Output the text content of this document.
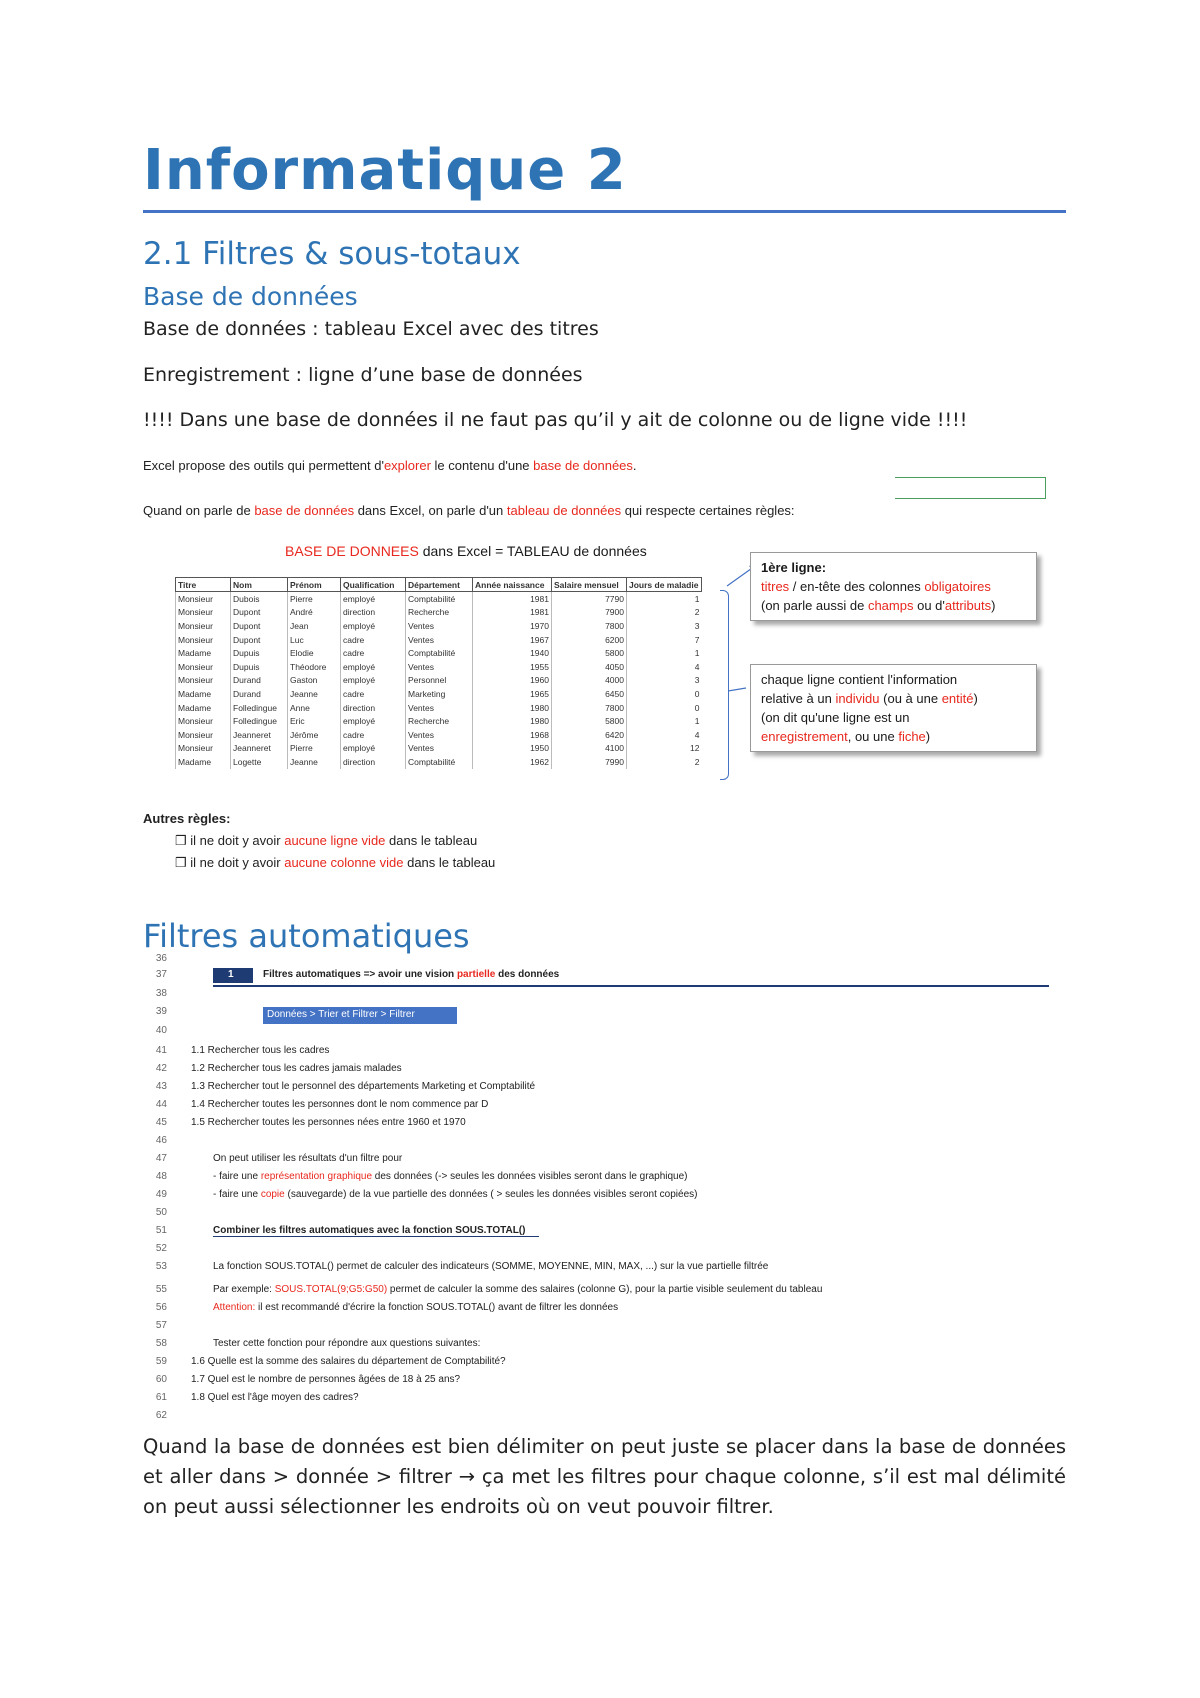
Informatique 2
2.1 Filtres & sous-totaux
Base de données
Base de données : tableau Excel avec des titres
Enregistrement : ligne d’une base de données
!!!! Dans une base de données il ne faut pas qu’il y ait de colonne ou de ligne vide !!!!
Excel propose des outils qui permettent d'explorer le contenu d'une base de données.
Quand on parle de base de données dans Excel, on parle d'un tableau de données qui respecte certaines règles:
BASE DE DONNEES dans Excel = TABLEAU de données
Titre	Nom	Prénom	Qualification	Département	Année naissance	Salaire mensuel	Jours de maladie
Monsieur	Dubois	Pierre	employé	Comptabilité	1981	7790	1
Monsieur	Dupont	André	direction	Recherche	1981	7900	2
Monsieur	Dupont	Jean	employé	Ventes	1970	7800	3
Monsieur	Dupont	Luc	cadre	Ventes	1967	6200	7
Madame	Dupuis	Elodie	cadre	Comptabilité	1940	5800	1
Monsieur	Dupuis	Théodore	employé	Ventes	1955	4050	4
Monsieur	Durand	Gaston	employé	Personnel	1960	4000	3
Madame	Durand	Jeanne	cadre	Marketing	1965	6450	0
Madame	Folledingue	Anne	direction	Ventes	1980	7800	0
Monsieur	Folledingue	Eric	employé	Recherche	1980	5800	1
Monsieur	Jeanneret	Jérôme	cadre	Ventes	1968	6420	4
Monsieur	Jeanneret	Pierre	employé	Ventes	1950	4100	12
Madame	Logette	Jeanne	direction	Comptabilité	1962	7990	2
1ère ligne:
titres / en-tête des colonnes obligatoires
(on parle aussi de champs ou d'attributs)
chaque ligne contient l'information
relative à un individu (ou à une entité)
(on dit qu'une ligne est un
enregistrement, ou une fiche)
Autres règles:
❒ il ne doit y avoir aucune ligne vide dans le tableau
❒ il ne doit y avoir aucune colonne vide dans le tableau
Filtres automatiques
36
37
38
39
40
41
42
43
44
45
46
47
48
49
50
51
52
53
55
56
57
58
59
60
61
62
1	Filtres automatiques => avoir une vision partielle des données
Données > Trier et Filtrer > Filtrer
1.1 Rechercher tous les cadres
1.2 Rechercher tous les cadres jamais malades
1.3 Rechercher tout le personnel des départements Marketing et Comptabilité
1.4 Rechercher toutes les personnes dont le nom commence par D
1.5 Rechercher toutes les personnes nées entre 1960 et 1970
On peut utiliser les résultats d'un filtre pour
- faire une représentation graphique des données (-> seules les données visibles seront dans le graphique)
- faire une copie (sauvegarde) de la vue partielle des données ( > seules les données visibles seront copiées)
Combiner les filtres automatiques avec la fonction SOUS.TOTAL()
La fonction SOUS.TOTAL() permet de calculer des indicateurs (SOMME, MOYENNE, MIN, MAX, ...) sur la vue partielle filtrée
Par exemple: SOUS.TOTAL(9;G5:G50) permet de calculer la somme des salaires (colonne G), pour la partie visible seulement du tableau
Attention: il est recommandé d'écrire la fonction SOUS.TOTAL() avant de filtrer les données
Tester cette fonction pour répondre aux questions suivantes:
1.6 Quelle est la somme des salaires du département de Comptabilité?
1.7 Quel est le nombre de personnes âgées de 18 à 25 ans?
1.8 Quel est l'âge moyen des cadres?
Quand la base de données est bien délimiter on peut juste se placer dans la base de données et aller dans > donnée > filtrer → ça met les filtres pour chaque colonne, s’il est mal délimité on peut aussi sélectionner les endroits où on veut pouvoir filtrer.
